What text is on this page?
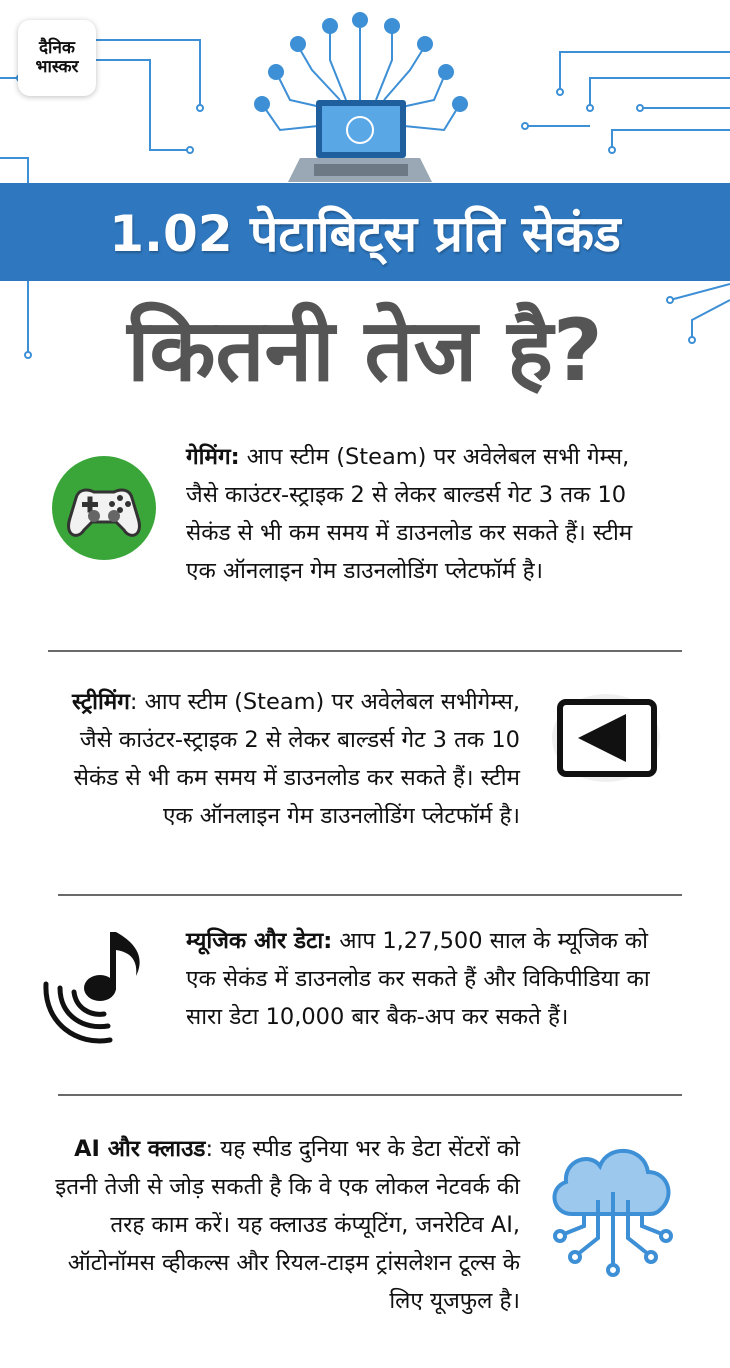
दैनिक
भास्कर
1.02 पेटाबिट्स प्रति सेकंड
कितनी तेज है?

गेमिंग: आप स्टीम (Steam) पर अवेलेबल सभी गेम्स, जैसे काउंटर-स्ट्राइक 2 से लेकर बाल्डर्स गेट 3 तक 10 सेकंड से भी कम समय में डाउनलोड कर सकते हैं। स्टीम एक ऑनलाइन गेम डाउनलोडिंग प्लेटफॉर्म है।

स्ट्रीमिंग: आप स्टीम (Steam) पर अवेलेबल सभीगेम्स, जैसे काउंटर-स्ट्राइक 2 से लेकर बाल्डर्स गेट 3 तक 10 सेकंड से भी कम समय में डाउनलोड कर सकते हैं। स्टीम एक ऑनलाइन गेम डाउनलोडिंग प्लेटफॉर्म है।

म्यूजिक और डेटा: आप 1,27,500 साल के म्यूजिक को एक सेकंड में डाउनलोड कर सकते हैं और विकिपीडिया का सारा डेटा 10,000 बार बैक-अप कर सकते हैं।

AI और क्लाउड: यह स्पीड दुनिया भर के डेटा सेंटरों को इतनी तेजी से जोड़ सकती है कि वे एक लोकल नेटवर्क की तरह काम करें। यह क्लाउड कंप्यूटिंग, जनरेटिव AI, ऑटोनॉमस व्हीकल्स और रियल-टाइम ट्रांसलेशन टूल्स के लिए यूजफुल है।
